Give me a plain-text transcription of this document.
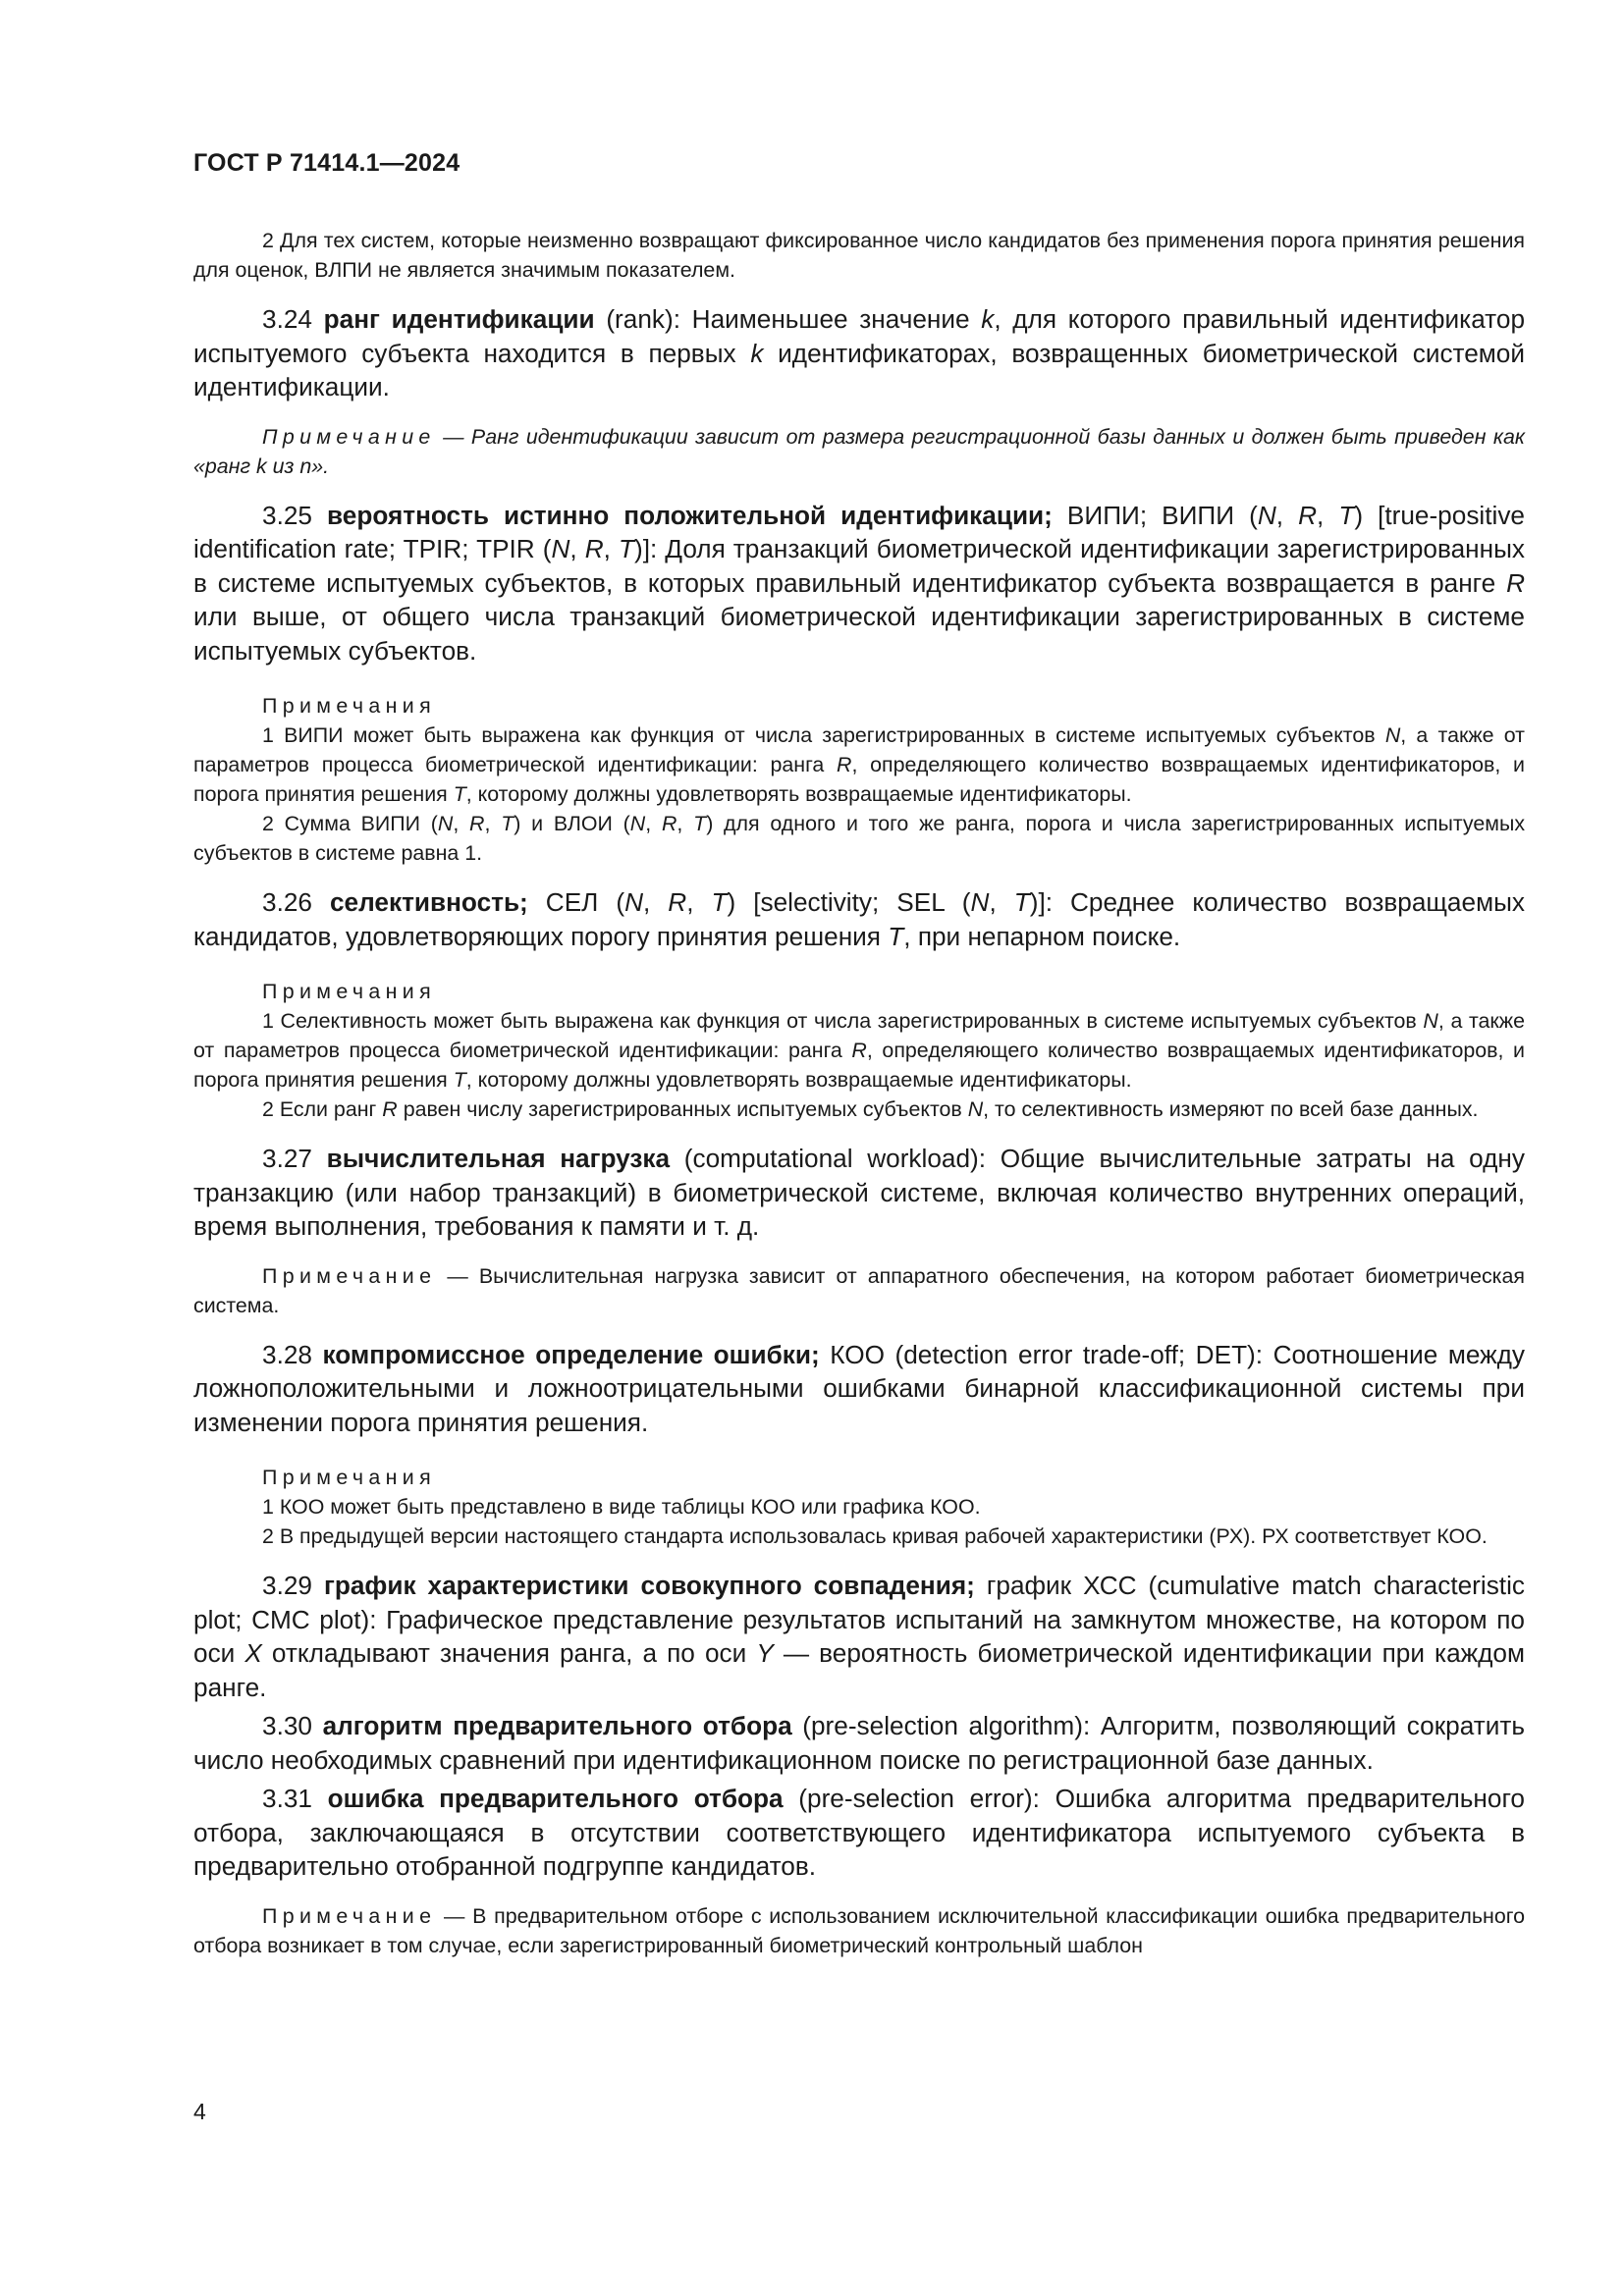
ГОСТ Р 71414.1—2024

2 Для тех систем, которые неизменно возвращают фиксированное число кандидатов без применения порога принятия решения для оценок, ВЛПИ не является значимым показателем.

3.24 ранг идентификации (rank): Наименьшее значение k, для которого правильный идентификатор испытуемого субъекта находится в первых k идентификаторах, возвращенных биометрической системой идентификации.

Примечание — Ранг идентификации зависит от размера регистрационной базы данных и должен быть приведен как «ранг k из n».

3.25 вероятность истинно положительной идентификации; ВИПИ; ВИПИ (N, R, T) [true-positive identification rate; TPIR; TPIR (N, R, T)]: Доля транзакций биометрической идентификации зарегистрированных в системе испытуемых субъектов, в которых правильный идентификатор субъекта возвращается в ранге R или выше, от общего числа транзакций биометрической идентификации зарегистрированных в системе испытуемых субъектов.

Примечания

1 ВИПИ может быть выражена как функция от числа зарегистрированных в системе испытуемых субъектов N, а также от параметров процесса биометрической идентификации: ранга R, определяющего количество возвращаемых идентификаторов, и порога принятия решения T, которому должны удовлетворять возвращаемые идентификаторы.

2 Сумма ВИПИ (N, R, T) и ВЛОИ (N, R, T) для одного и того же ранга, порога и числа зарегистрированных испытуемых субъектов в системе равна 1.

3.26 селективность; СЕЛ (N, R, T) [selectivity; SEL (N, T)]: Среднее количество возвращаемых кандидатов, удовлетворяющих порогу принятия решения T, при непарном поиске.

Примечания

1 Селективность может быть выражена как функция от числа зарегистрированных в системе испытуемых субъектов N, а также от параметров процесса биометрической идентификации: ранга R, определяющего количество возвращаемых идентификаторов, и порога принятия решения T, которому должны удовлетворять возвращаемые идентификаторы.

2 Если ранг R равен числу зарегистрированных испытуемых субъектов N, то селективность измеряют по всей базе данных.

3.27 вычислительная нагрузка (computational workload): Общие вычислительные затраты на одну транзакцию (или набор транзакций) в биометрической системе, включая количество внутренних операций, время выполнения, требования к памяти и т. д.

Примечание — Вычислительная нагрузка зависит от аппаратного обеспечения, на котором работает биометрическая система.

3.28 компромиссное определение ошибки; КОО (detection error trade-off; DET): Соотношение между ложноположительными и ложноотрицательными ошибками бинарной классификационной системы при изменении порога принятия решения.

Примечания

1 КОО может быть представлено в виде таблицы КОО или графика КОО.

2 В предыдущей версии настоящего стандарта использовалась кривая рабочей характеристики (РХ). РХ соответствует КОО.

3.29 график характеристики совокупного совпадения; график ХСС (cumulative match characteristic plot; CMC plot): Графическое представление результатов испытаний на замкнутом множестве, на котором по оси X откладывают значения ранга, а по оси Y — вероятность биометрической идентификации при каждом ранге.

3.30 алгоритм предварительного отбора (pre-selection algorithm): Алгоритм, позволяющий сократить число необходимых сравнений при идентификационном поиске по регистрационной базе данных.

3.31 ошибка предварительного отбора (pre-selection error): Ошибка алгоритма предварительного отбора, заключающаяся в отсутствии соответствующего идентификатора испытуемого субъекта в предварительно отобранной подгруппе кандидатов.

Примечание — В предварительном отборе с использованием исключительной классификации ошибка предварительного отбора возникает в том случае, если зарегистрированный биометрический контрольный шаблон

4
